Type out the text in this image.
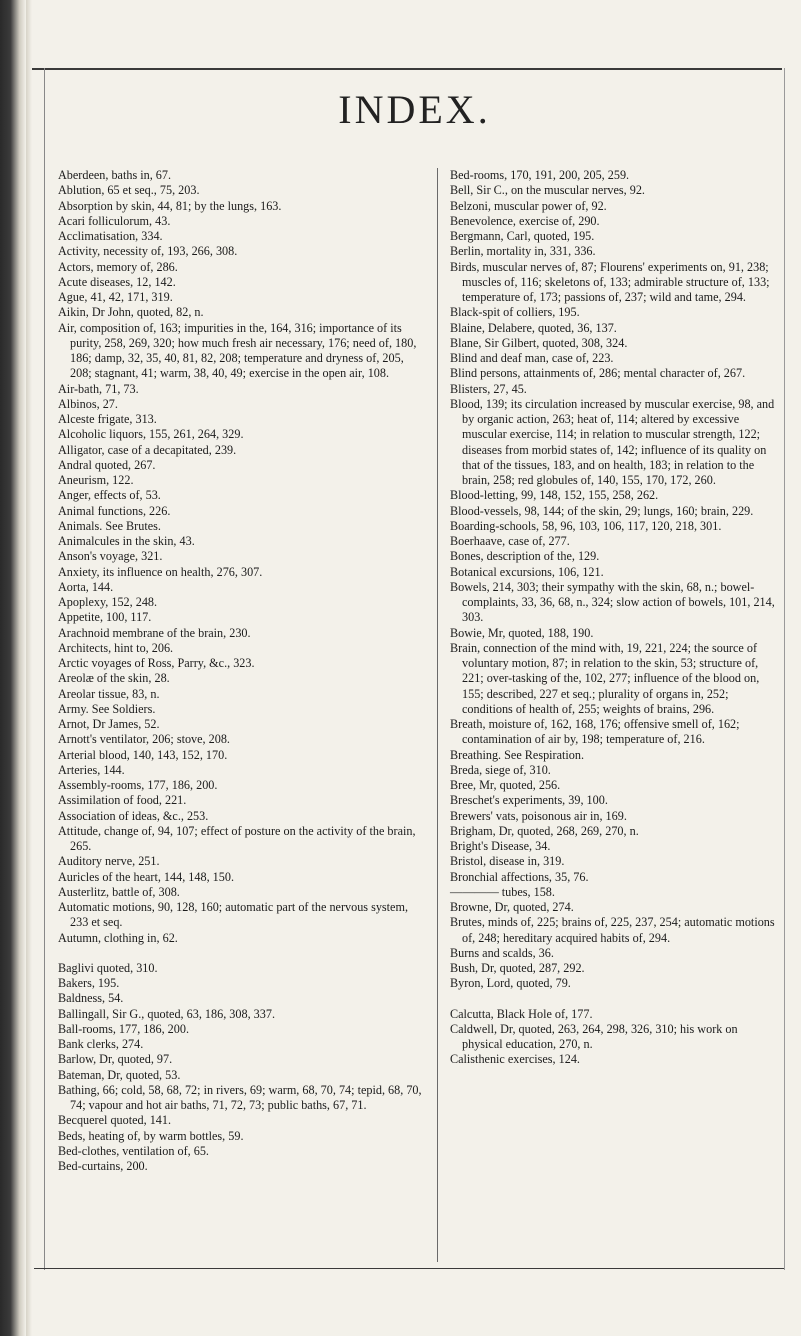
INDEX.
Aberdeen, baths in, 67.
Ablution, 65 et seq., 75, 203.
Absorption by skin, 44, 81; by the lungs, 163.
Acari folliculorum, 43.
Acclimatisation, 334.
Activity, necessity of, 193, 266, 308.
Actors, memory of, 286.
Acute diseases, 12, 142.
Ague, 41, 42, 171, 319.
Aikin, Dr John, quoted, 82, n.
Air, composition of, 163; impurities in the, 164, 316; importance of its purity, 258, 269, 320; how much fresh air necessary, 176; need of, 180, 186; damp, 32, 35, 40, 81, 82, 208; temperature and dryness of, 205, 208; stagnant, 41; warm, 38, 40, 49; exercise in the open air, 108.
Air-bath, 71, 73.
Albinos, 27.
Alceste frigate, 313.
Alcoholic liquors, 155, 261, 264, 329.
Alligator, case of a decapitated, 239.
Andral quoted, 267.
Aneurism, 122.
Anger, effects of, 53.
Animal functions, 226.
Animals. See Brutes.
Animalcules in the skin, 43.
Anson's voyage, 321.
Anxiety, its influence on health, 276, 307.
Aorta, 144.
Apoplexy, 152, 248.
Appetite, 100, 117.
Arachnoid membrane of the brain, 230.
Architects, hint to, 206.
Arctic voyages of Ross, Parry, &c., 323.
Areolæ of the skin, 28.
Areolar tissue, 83, n.
Army. See Soldiers.
Arnot, Dr James, 52.
Arnott's ventilator, 206; stove, 208.
Arterial blood, 140, 143, 152, 170.
Arteries, 144.
Assembly-rooms, 177, 186, 200.
Assimilation of food, 221.
Association of ideas, &c., 253.
Attitude, change of, 94, 107; effect of posture on the activity of the brain, 265.
Auditory nerve, 251.
Auricles of the heart, 144, 148, 150.
Austerlitz, battle of, 308.
Automatic motions, 90, 128, 160; automatic part of the nervous system, 233 et seq.
Autumn, clothing in, 62.
Baglivi quoted, 310.
Bakers, 195.
Baldness, 54.
Ballingall, Sir G., quoted, 63, 186, 308, 337.
Ball-rooms, 177, 186, 200.
Bank clerks, 274.
Barlow, Dr, quoted, 97.
Bateman, Dr, quoted, 53.
Bathing, 66; cold, 58, 68, 72; in rivers, 69; warm, 68, 70, 74; tepid, 68, 70, 74; vapour and hot air baths, 71, 72, 73; public baths, 67, 71.
Becquerel quoted, 141.
Beds, heating of, by warm bottles, 59.
Bed-clothes, ventilation of, 65.
Bed-curtains, 200.
Bed-rooms, 170, 191, 200, 205, 259.
Bell, Sir C., on the muscular nerves, 92.
Belzoni, muscular power of, 92.
Benevolence, exercise of, 290.
Bergmann, Carl, quoted, 195.
Berlin, mortality in, 331, 336.
Birds, muscular nerves of, 87; Flourens' experiments on, 91, 238; muscles of, 116; skeletons of, 133; admirable structure of, 133; temperature of, 173; passions of, 237; wild and tame, 294.
Black-spit of colliers, 195.
Blaine, Delabere, quoted, 36, 137.
Blane, Sir Gilbert, quoted, 308, 324.
Blind and deaf man, case of, 223.
Blind persons, attainments of, 286; mental character of, 267.
Blisters, 27, 45.
Blood, 139; its circulation increased by muscular exercise, 98, and by organic action, 263; heat of, 114; altered by excessive muscular exercise, 114; in relation to muscular strength, 122; diseases from morbid states of, 142; influence of its quality on that of the tissues, 183, and on health, 183; in relation to the brain, 258; red globules of, 140, 155, 170, 172, 260.
Blood-letting, 99, 148, 152, 155, 258, 262.
Blood-vessels, 98, 144; of the skin, 29; lungs, 160; brain, 229.
Boarding-schools, 58, 96, 103, 106, 117, 120, 218, 301.
Boerhaave, case of, 277.
Bones, description of the, 129.
Botanical excursions, 106, 121.
Bowels, 214, 303; their sympathy with the skin, 68, n.; bowel-complaints, 33, 36, 68, n., 324; slow action of bowels, 101, 214, 303.
Bowie, Mr, quoted, 188, 190.
Brain, connection of the mind with, 19, 221, 224; the source of voluntary motion, 87; in relation to the skin, 53; structure of, 221; over-tasking of the, 102, 277; influence of the blood on, 155; described, 227 et seq.; plurality of organs in, 252; conditions of health of, 255; weights of brains, 296.
Breath, moisture of, 162, 168, 176; offensive smell of, 162; contamination of air by, 198; temperature of, 216.
Breathing. See Respiration.
Breda, siege of, 310.
Bree, Mr, quoted, 256.
Breschet's experiments, 39, 100.
Brewers' vats, poisonous air in, 169.
Brigham, Dr, quoted, 268, 269, 270, n.
Bright's Disease, 34.
Bristol, disease in, 319.
Bronchial affections, 35, 76.
———— tubes, 158.
Browne, Dr, quoted, 274.
Brutes, minds of, 225; brains of, 225, 237, 254; automatic motions of, 248; hereditary acquired habits of, 294.
Burns and scalds, 36.
Bush, Dr, quoted, 287, 292.
Byron, Lord, quoted, 79.
Calcutta, Black Hole of, 177.
Caldwell, Dr, quoted, 263, 264, 298, 326, 310; his work on physical education, 270, n.
Calisthenic exercises, 124.
